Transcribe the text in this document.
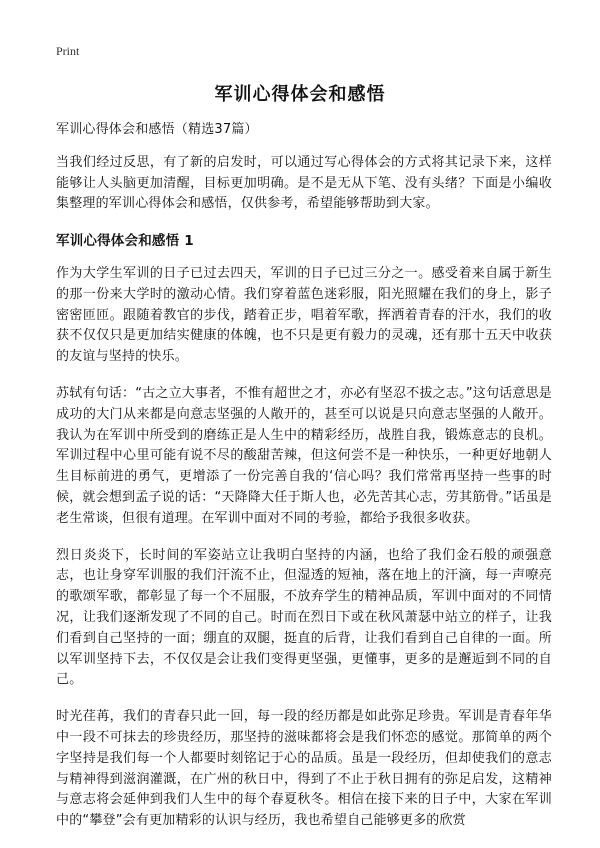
Print
军训心得体会和感悟

军训心得体会和感悟（精选37篇）

当我们经过反思，有了新的启发时，可以通过写心得体会的方式将其记录下来，这样能够让人头脑更加清醒，目标更加明确。是不是无从下笔、没有头绪？下面是小编收集整理的军训心得体会和感悟，仅供参考，希望能够帮助到大家。

军训心得体会和感悟 1

作为大学生军训的日子已过去四天，军训的日子已过三分之一。感受着来自属于新生的那一份来大学时的激动心情。我们穿着蓝色迷彩服，阳光照耀在我们的身上，影子密密匝匝。跟随着教官的步伐，踏着正步，唱着军歌，挥洒着青春的汗水，我们的收获不仅仅只是更加结实健康的体魄，也不只是更有毅力的灵魂，还有那十五天中收获的友谊与坚持的快乐。

苏轼有句话：“古之立大事者，不惟有超世之才，亦必有坚忍不拔之志。”这句话意思是成功的大门从来都是向意志坚强的人敞开的，甚至可以说是只向意志坚强的人敞开。我认为在军训中所受到的磨练正是人生中的精彩经历，战胜自我，锻炼意志的良机。军训过程中心里可能有说不尽的酸甜苦辣，但这何尝不是一种快乐，一种更好地朝人生目标前进的勇气，更增添了一份完善自我的‘信心吗？我们常常再坚持一些事的时候，就会想到孟子说的话：“天降降大任于斯人也，必先苦其心志，劳其筋骨。”话虽是老生常谈，但很有道理。在军训中面对不同的考验，都给予我很多收获。

烈日炎炎下，长时间的军姿站立让我明白坚持的内涵，也给了我们金石般的顽强意志，也让身穿军训服的我们汗流不止，但湿透的短袖，落在地上的汗滴，每一声嘹亮的歌颂军歌，都彰显了每一个不屈服，不放弃学生的精神品质，军训中面对的不同情况，让我们逐渐发现了不同的自己。时而在烈日下或在秋风萧瑟中站立的样子，让我们看到自己坚持的一面；绷直的双腿，挺直的后背，让我们看到自己自律的一面。所以军训坚持下去，不仅仅是会让我们变得更坚强，更懂事，更多的是邂逅到不同的自己。

时光荏苒，我们的青春只此一回，每一段的经历都是如此弥足珍贵。军训是青春年华中一段不可抹去的珍贵经历，那坚持的滋味都将会是我们怀恋的感觉。那简单的两个字坚持是我们每一个人都要时刻铭记于心的品质。虽是一段经历，但却使我们的意志与精神得到滋润灌溉，在广州的秋日中，得到了不止于秋日拥有的弥足启发，这精神与意志将会延伸到我们人生中的每个春夏秋冬。相信在接下来的日子中，大家在军训中的“攀登”会有更加精彩的认识与经历，我也希望自己能够更多的欣赏
